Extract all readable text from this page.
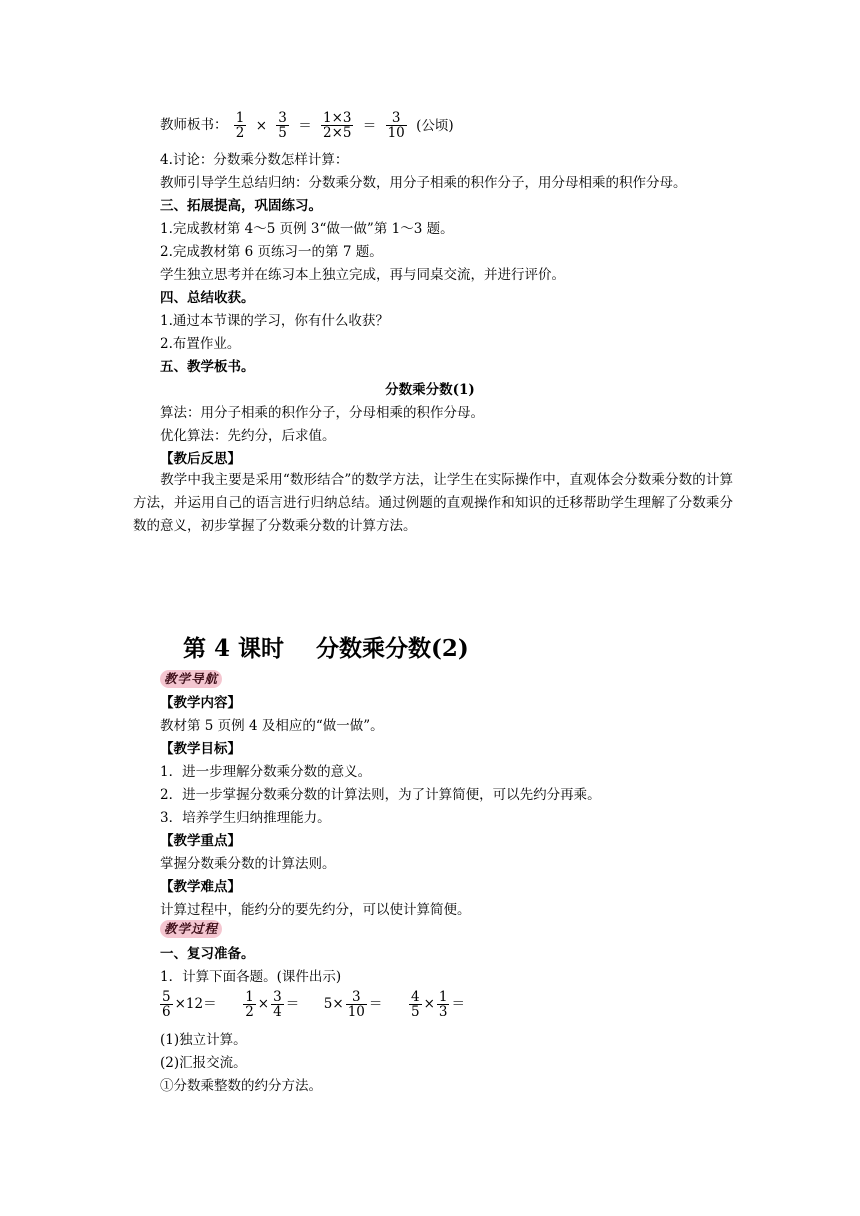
教师板书： $\frac{1}{2} \times \frac{3}{5} = \frac{1\times 3}{2\times 5} = \frac{3}{10}$ (公顷)
4.讨论：分数乘分数怎样计算：
教师引导学生总结归纳：分数乘分数，用分子相乘的积作分子，用分母相乘的积作分母。
三、拓展提高，巩固练习。
1.完成教材第 4～5 页例 3“做一做”第 1～3 题。
2.完成教材第 6 页练习一的第 7 题。
学生独立思考并在练习本上独立完成，再与同桌交流，并进行评价。
四、总结收获。
1.通过本节课的学习，你有什么收获？
2.布置作业。
五、教学板书。
分数乘分数(1)
算法：用分子相乘的积作分子，分母相乘的积作分母。
优化算法：先约分，后求值。
【教后反思】
教学中我主要是采用“数形结合”的数学方法，让学生在实际操作中，直观体会分数乘分数的计算方法，并运用自己的语言进行归纳总结。通过例题的直观操作和知识的迁移帮助学生理解了分数乘分数的意义，初步掌握了分数乘分数的计算方法。
第 4 课时    分数乘分数(2)
教学导航
【教学内容】
教材第 5 页例 4 及相应的“做一做”。
【教学目标】
1．进一步理解分数乘分数的意义。
2．进一步掌握分数乘分数的计算法则，为了计算简便，可以先约分再乘。
3．培养学生归纳推理能力。
【教学重点】
掌握分数乘分数的计算法则。
【教学难点】
计算过程中，能约分的要先约分，可以使计算简便。
教学过程
一、复习准备。
1．计算下面各题。(课件出示)
$\frac{5}{6} \times 12= \frac{1}{2} \times \frac{3}{4} = 5\times \frac{3}{10} = \frac{4}{5} \times \frac{1}{3}$ ＝
(1)独立计算。
(2)汇报交流。
①分数乘整数的约分方法。
